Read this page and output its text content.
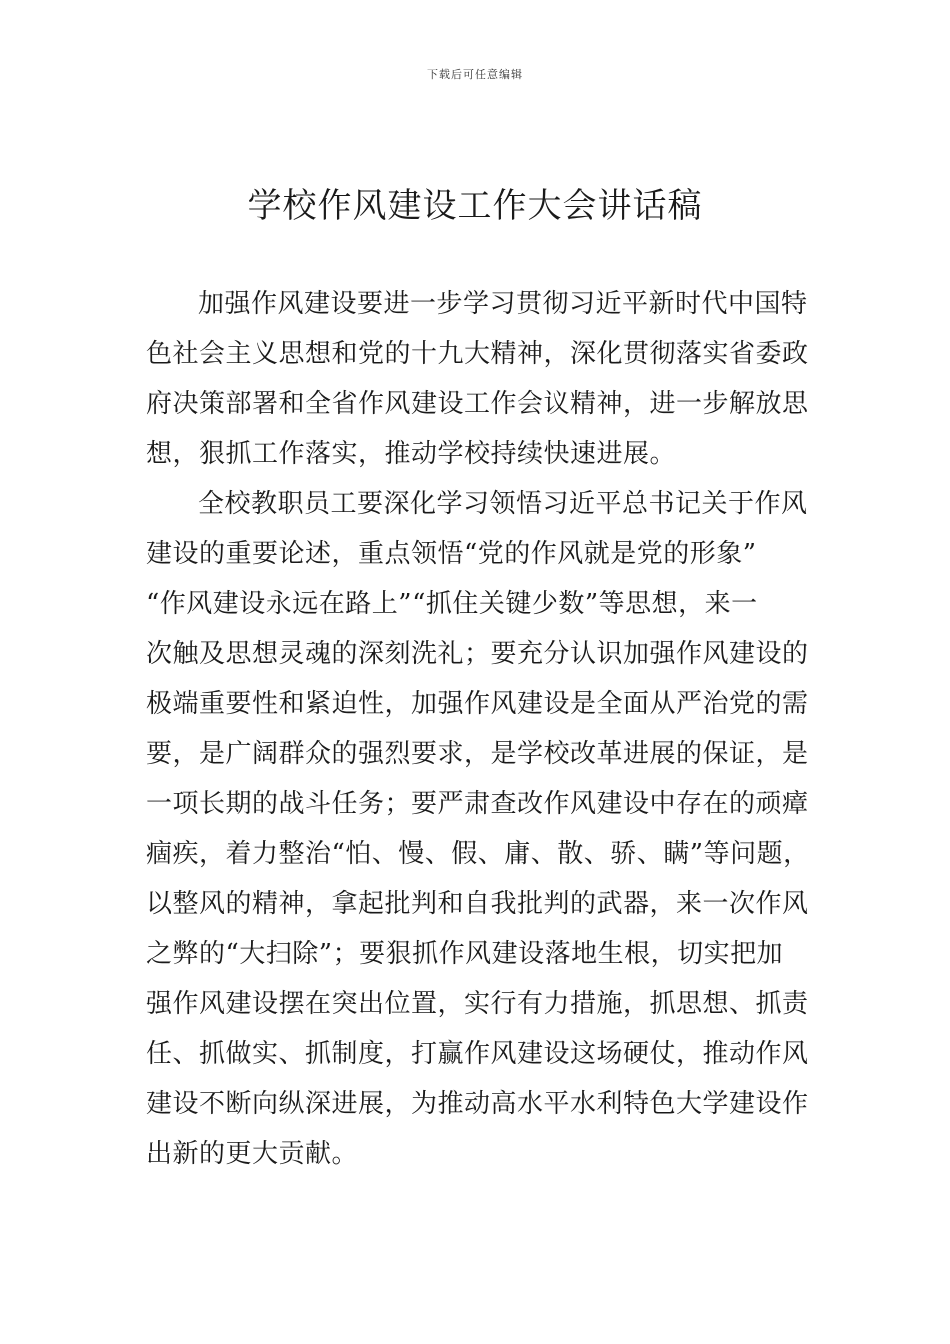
下载后可任意编辑
学校作风建设工作大会讲话稿
加强作风建设要进一步学习贯彻习近平新时代中国特
色社会主义思想和党的十九大精神，深化贯彻落实省委政
府决策部署和全省作风建设工作会议精神，进一步解放思
想，狠抓工作落实，推动学校持续快速进展。
全校教职员工要深化学习领悟习近平总书记关于作风
建设的重要论述，重点领悟“党的作风就是党的形象”
“作风建设永远在路上”“抓住关键少数”等思想，来一
次触及思想灵魂的深刻洗礼；要充分认识加强作风建设的
极端重要性和紧迫性，加强作风建设是全面从严治党的需
要，是广阔群众的强烈要求，是学校改革进展的保证，是
一项长期的战斗任务；要严肃查改作风建设中存在的顽瘴
痼疾，着力整治“怕、慢、假、庸、散、骄、瞒”等问题，
以整风的精神，拿起批判和自我批判的武器，来一次作风
之弊的“大扫除”；要狠抓作风建设落地生根，切实把加
强作风建设摆在突出位置，实行有力措施，抓思想、抓责
任、抓做实、抓制度，打赢作风建设这场硬仗，推动作风
建设不断向纵深进展，为推动高水平水利特色大学建设作
出新的更大贡献。
